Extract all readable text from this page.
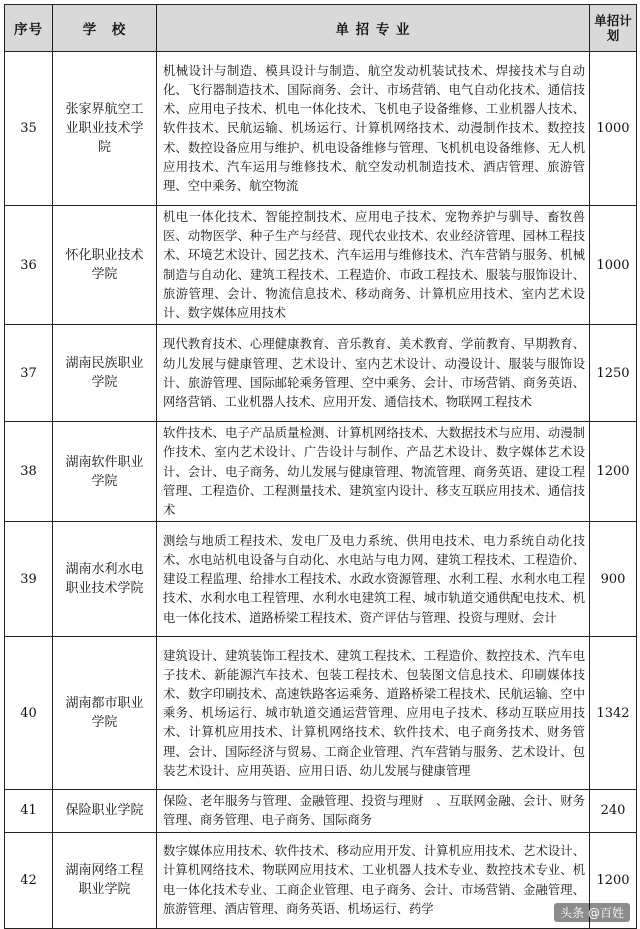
序号	学　校	单 招 专 业	单招计划
35	张家界航空工业职业技术学院	机械设计与制造、模具设计与制造、航空发动机装试技术、焊接技术与自动化、飞行器制造技术、国际商务、会计、市场营销、电气自动化技术、通信技术、应用电子技术、机电一体化技术、飞机电子设备维修、工业机器人技术、软件技术、民航运输、机场运行、计算机网络技术、动漫制作技术、数控技术、数控设备应用与维护、机电设备维修与管理、飞机机电设备维修、无人机应用技术、汽车运用与维修技术、航空发动机制造技术、酒店管理、旅游管理、空中乘务、航空物流	1000
36	怀化职业技术学院	机电一体化技术、智能控制技术、应用电子技术、宠物养护与驯导、畜牧兽医、动物医学、种子生产与经营、现代农业技术、农业经济管理、园林工程技术、环境艺术设计、园艺技术、汽车运用与维修技术、汽车营销与服务、机械制造与自动化、建筑工程技术、工程造价、市政工程技术、服装与服饰设计、旅游管理、会计、物流信息技术、移动商务、计算机应用技术、室内艺术设计、数字媒体应用技术	1000
37	湖南民族职业学院	现代教育技术、心理健康教育、音乐教育、美术教育、学前教育、早期教育、幼儿发展与健康管理、艺术设计、室内艺术设计、动漫设计、服装与服饰设计、旅游管理、国际邮轮乘务管理、空中乘务、会计、市场营销、商务英语、网络营销、工业机器人技术、应用开发、通信技术、物联网工程技术	1250
38	湖南软件职业学院	软件技术、电子产品质量检测、计算机网络技术、大数据技术与应用、动漫制作技术、室内艺术设计、广告设计与制作、产品艺术设计、数字媒体艺术设计、会计、电子商务、幼儿发展与健康管理、物流管理、商务英语、建设工程管理、工程造价、工程测量技术、建筑室内设计、移支互联应用技术、通信技术	1200
39	湖南水利水电职业技术学院	测绘与地质工程技术、发电厂及电力系统、供用电技术、电力系统自动化技术、水电站机电设备与自动化、水电站与电力网、建筑工程技术、工程造价、建设工程监理、给排水工程技术、水政水资源管理、水利工程、水利水电工程技术、水利水电工程管理、水利水电建筑工程、城市轨道交通供配电技术、机电一体化技术、道路桥梁工程技术、资产评估与管理、投资与理财、会计	900
40	湖南都市职业学院	建筑设计、建筑装饰工程技术、建筑工程技术、工程造价、数控技术、汽车电子技术、新能源汽车技术、包装工程技术、包装图文信息技术、印刷媒体技术、数字印刷技术、高速铁路客运乘务、道路桥梁工程技术、民航运输、空中乘务、机场运行、城市轨道交通运营管理、应用电子技术、移动互联应用技术、计算机应用技术、计算机网络技术、软件技术、电子商务技术、财务管理、会计、国际经济与贸易、工商企业管理、汽车营销与服务、艺术设计、包装艺术设计、应用英语、应用日语、幼儿发展与健康管理	1342
41	保险职业学院	保险、老年服务与管理、金融管理、投资与理财　、互联网金融、会计、财务管理、商务管理、电子商务、国际商务	240
42	湖南网络工程职业学院	数字媒体应用技术、软件技术、移动应用开发、计算机应用技术、艺术设计、计算机网络技术、物联网应用技术、工业机器人技术专业、数控技术专业、机电一体化技术专业、工商企业管理、电子商务、会计、市场营销、金融管理、旅游管理、酒店管理、商务英语、机场运行、药学	1200
头条 @百姓
